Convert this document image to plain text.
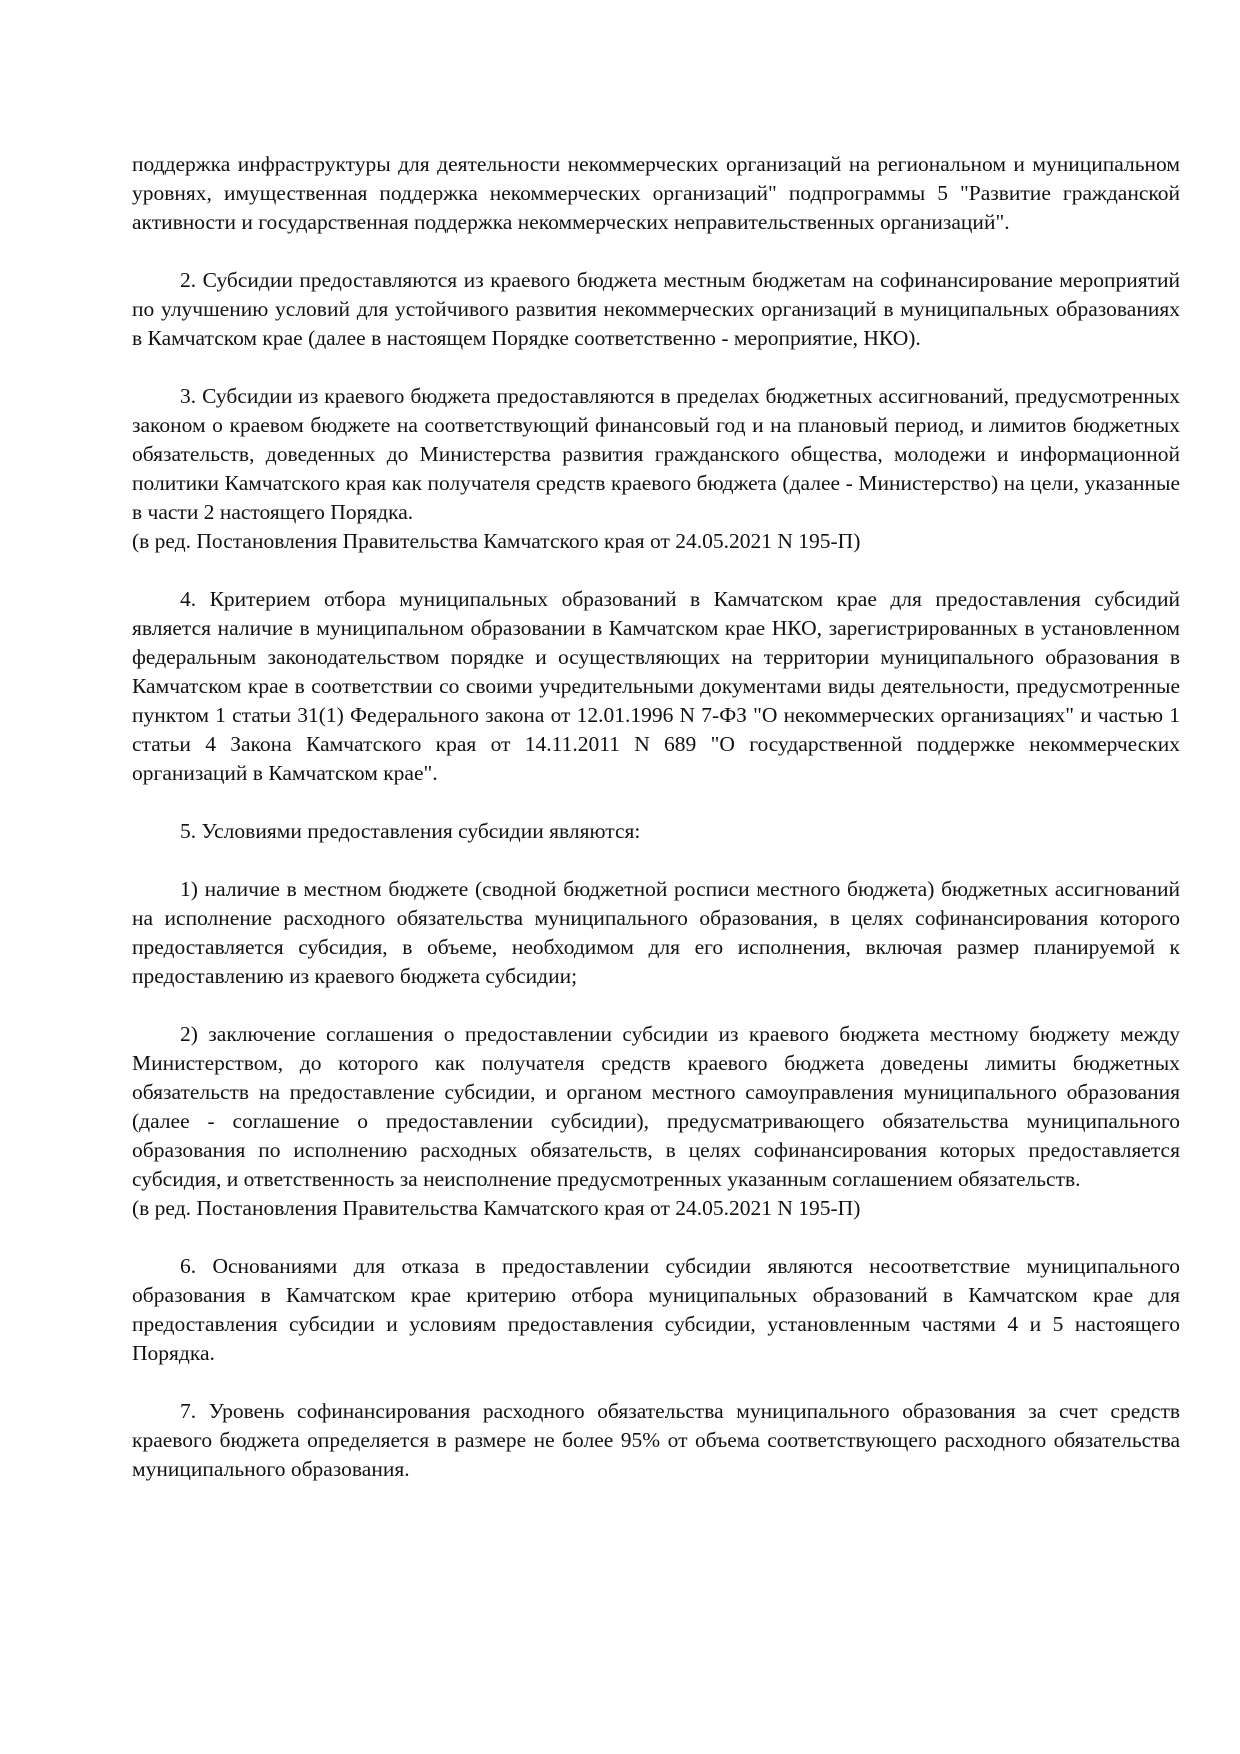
поддержка инфраструктуры для деятельности некоммерческих организаций на региональном и муниципальном уровнях, имущественная поддержка некоммерческих организаций" подпрограммы 5 "Развитие гражданской активности и государственная поддержка некоммерческих неправительственных организаций".

2. Субсидии предоставляются из краевого бюджета местным бюджетам на софинансирование мероприятий по улучшению условий для устойчивого развития некоммерческих организаций в муниципальных образованиях в Камчатском крае (далее в настоящем Порядке соответственно - мероприятие, НКО).

3. Субсидии из краевого бюджета предоставляются в пределах бюджетных ассигнований, предусмотренных законом о краевом бюджете на соответствующий финансовый год и на плановый период, и лимитов бюджетных обязательств, доведенных до Министерства развития гражданского общества, молодежи и информационной политики Камчатского края как получателя средств краевого бюджета (далее - Министерство) на цели, указанные в части 2 настоящего Порядка.

(в ред. Постановления Правительства Камчатского края от 24.05.2021 N 195-П)

4. Критерием отбора муниципальных образований в Камчатском крае для предоставления субсидий является наличие в муниципальном образовании в Камчатском крае НКО, зарегистрированных в установленном федеральным законодательством порядке и осуществляющих на территории муниципального образования в Камчатском крае в соответствии со своими учредительными документами виды деятельности, предусмотренные пунктом 1 статьи 31(1) Федерального закона от 12.01.1996 N 7-ФЗ "О некоммерческих организациях" и частью 1 статьи 4 Закона Камчатского края от 14.11.2011 N 689 "О государственной поддержке некоммерческих организаций в Камчатском крае".

5. Условиями предоставления субсидии являются:

1) наличие в местном бюджете (сводной бюджетной росписи местного бюджета) бюджетных ассигнований на исполнение расходного обязательства муниципального образования, в целях софинансирования которого предоставляется субсидия, в объеме, необходимом для его исполнения, включая размер планируемой к предоставлению из краевого бюджета субсидии;

2) заключение соглашения о предоставлении субсидии из краевого бюджета местному бюджету между Министерством, до которого как получателя средств краевого бюджета доведены лимиты бюджетных обязательств на предоставление субсидии, и органом местного самоуправления муниципального образования (далее - соглашение о предоставлении субсидии), предусматривающего обязательства муниципального образования по исполнению расходных обязательств, в целях софинансирования которых предоставляется субсидия, и ответственность за неисполнение предусмотренных указанным соглашением обязательств.

(в ред. Постановления Правительства Камчатского края от 24.05.2021 N 195-П)

6. Основаниями для отказа в предоставлении субсидии являются несоответствие муниципального образования в Камчатском крае критерию отбора муниципальных образований в Камчатском крае для предоставления субсидии и условиям предоставления субсидии, установленным частями 4 и 5 настоящего Порядка.

7. Уровень софинансирования расходного обязательства муниципального образования за счет средств краевого бюджета определяется в размере не более 95% от объема соответствующего расходного обязательства муниципального образования.
